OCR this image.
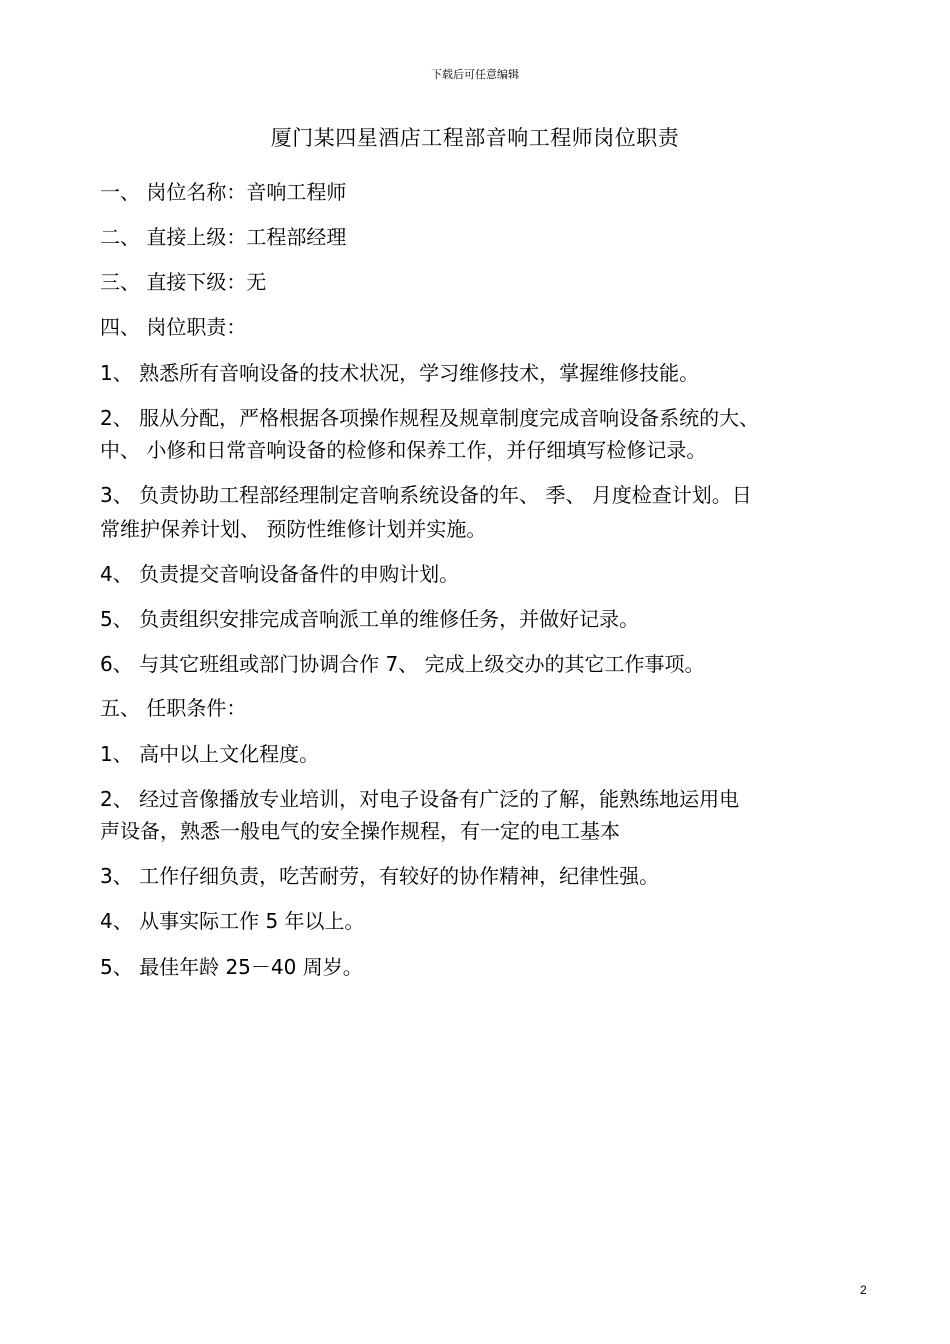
下载后可任意编辑
厦门某四星酒店工程部音响工程师岗位职责
一、 岗位名称：音响工程师
二、 直接上级：工程部经理
三、 直接下级：无
四、 岗位职责：
1、 熟悉所有音响设备的技术状况，学习维修技术，掌握维修技能。
2、 服从分配，严格根据各项操作规程及规章制度完成音响设备系统的大、
中、 小修和日常音响设备的检修和保养工作，并仔细填写检修记录。
3、 负责协助工程部经理制定音响系统设备的年、 季、 月度检查计划。日
常维护保养计划、 预防性维修计划并实施。
4、 负责提交音响设备备件的申购计划。
5、 负责组织安排完成音响派工单的维修任务，并做好记录。
6、 与其它班组或部门协调合作 7、 完成上级交办的其它工作事项。
五、 任职条件：
1、 高中以上文化程度。
2、 经过音像播放专业培训，对电子设备有广泛的了解，能熟练地运用电
声设备，熟悉一般电气的安全操作规程，有一定的电工基本
3、 工作仔细负责，吃苦耐劳，有较好的协作精神，纪律性强。
4、 从事实际工作 5 年以上。
5、 最佳年龄 25－40 周岁。
2
